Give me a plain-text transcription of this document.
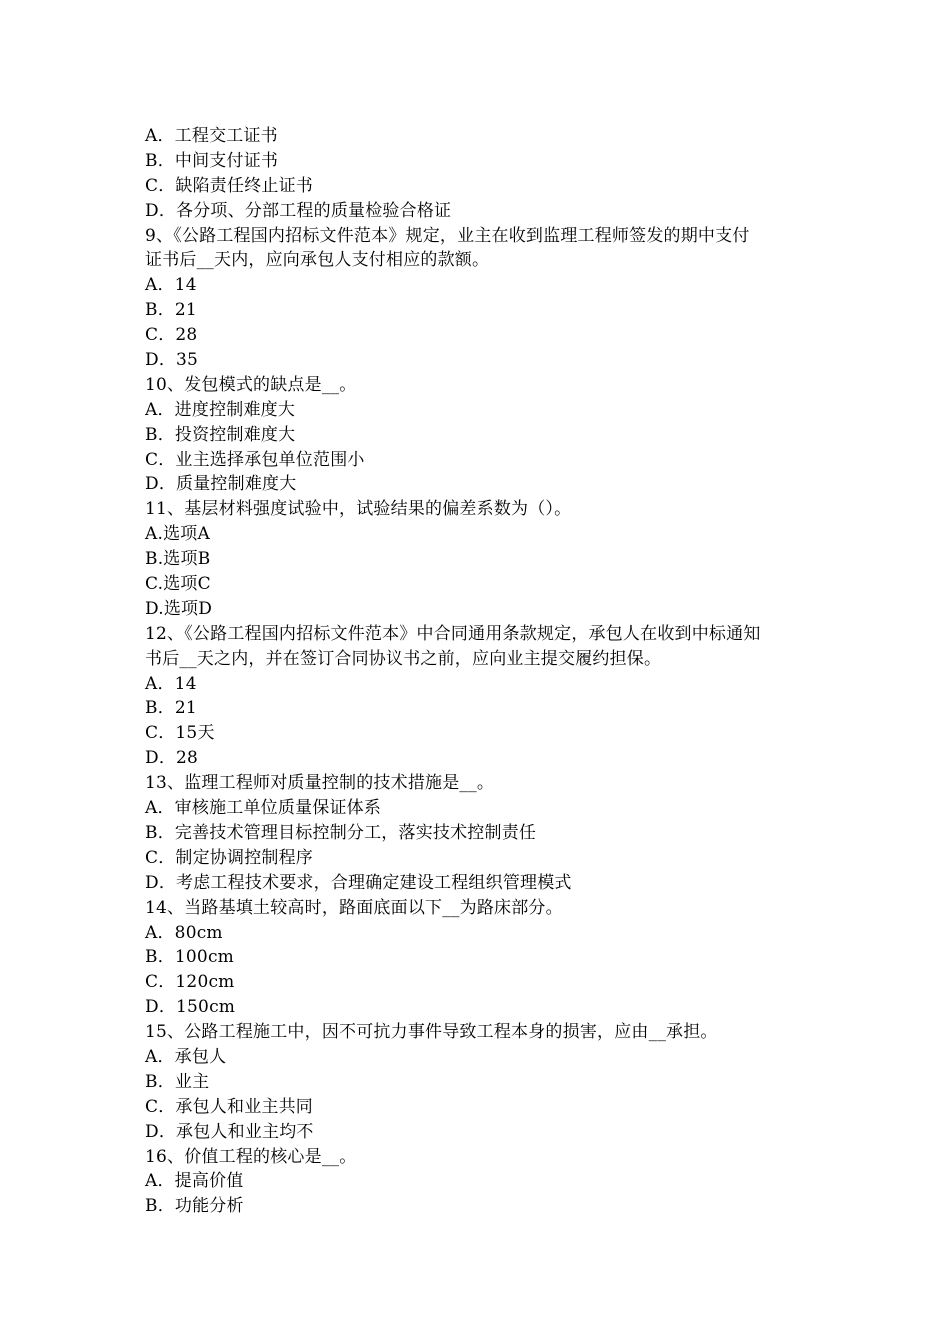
A．工程交工证书
B．中间支付证书
C．缺陷责任终止证书
D．各分项、分部工程的质量检验合格证
9、《公路工程国内招标文件范本》规定，业主在收到监理工程师签发的期中支付
证书后__天内，应向承包人支付相应的款额。
A．14
B．21
C．28
D．35
10、发包模式的缺点是__。
A．进度控制难度大
B．投资控制难度大
C．业主选择承包单位范围小
D．质量控制难度大
11、基层材料强度试验中，试验结果的偏差系数为（）。
A.选项A
B.选项B
C.选项C
D.选项D
12、《公路工程国内招标文件范本》中合同通用条款规定，承包人在收到中标通知
书后__天之内，并在签订合同协议书之前，应向业主提交履约担保。
A．14
B．21
C．15天
D．28
13、监理工程师对质量控制的技术措施是__。
A．审核施工单位质量保证体系
B．完善技术管理目标控制分工，落实技术控制责任
C．制定协调控制程序
D．考虑工程技术要求，合理确定建设工程组织管理模式
14、当路基填土较高时，路面底面以下__为路床部分。
A．80cm
B．100cm
C．120cm
D．150cm
15、公路工程施工中，因不可抗力事件导致工程本身的损害，应由__承担。
A．承包人
B．业主
C．承包人和业主共同
D．承包人和业主均不
16、价值工程的核心是__。
A．提高价值
B．功能分析
